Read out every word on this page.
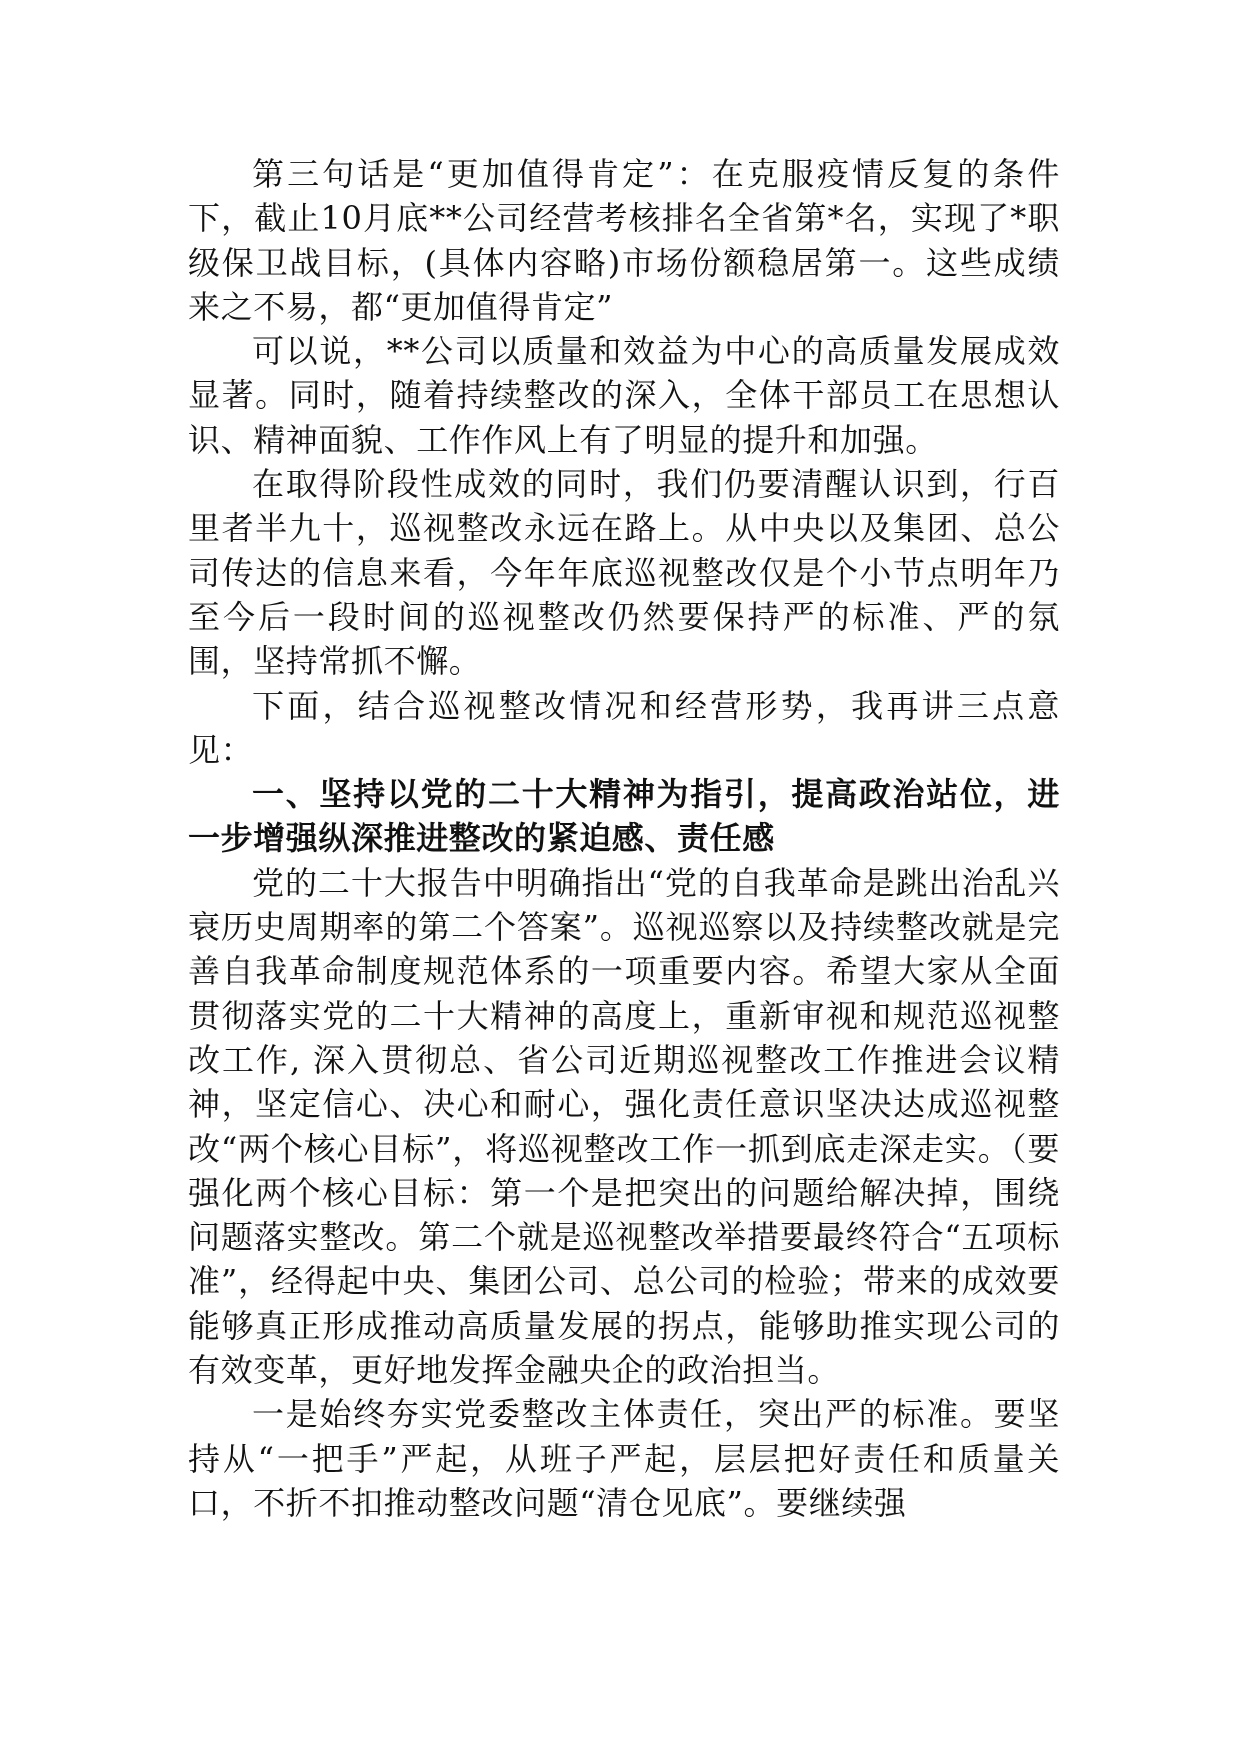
第三句话是“更加值得肯定”：在克服疫情反复的条件下，截止10月底**公司经营考核排名全省第*名，实现了*职级保卫战目标，(具体内容略)市场份额稳居第一。这些成绩来之不易，都“更加值得肯定”

可以说，**公司以质量和效益为中心的高质量发展成效显著。同时，随着持续整改的深入，全体干部员工在思想认识、精神面貌、工作作风上有了明显的提升和加强。

在取得阶段性成效的同时，我们仍要清醒认识到，行百里者半九十，巡视整改永远在路上。从中央以及集团、总公司传达的信息来看，今年年底巡视整改仅是个小节点明年乃至今后一段时间的巡视整改仍然要保持严的标准、严的氛围，坚持常抓不懈。

下面，结合巡视整改情况和经营形势，我再讲三点意见：

一、坚持以党的二十大精神为指引，提高政治站位，进一步增强纵深推进整改的紧迫感、责任感

党的二十大报告中明确指出“党的自我革命是跳出治乱兴衰历史周期率的第二个答案”。巡视巡察以及持续整改就是完善自我革命制度规范体系的一项重要内容。希望大家从全面贯彻落实党的二十大精神的高度上，重新审视和规范巡视整改工作, 深入贯彻总、省公司近期巡视整改工作推进会议精神，坚定信心、决心和耐心，强化责任意识坚决达成巡视整改“两个核心目标”，将巡视整改工作一抓到底走深走实。（要强化两个核心目标：第一个是把突出的问题给解决掉，围绕问题落实整改。第二个就是巡视整改举措要最终符合“五项标准”，经得起中央、集团公司、总公司的检验；带来的成效要能够真正形成推动高质量发展的拐点，能够助推实现公司的有效变革，更好地发挥金融央企的政治担当。

一是始终夯实党委整改主体责任，突出严的标准。要坚持从“一把手”严起，从班子严起，层层把好责任和质量关口，不折不扣推动整改问题“清仓见底”。要继续强
